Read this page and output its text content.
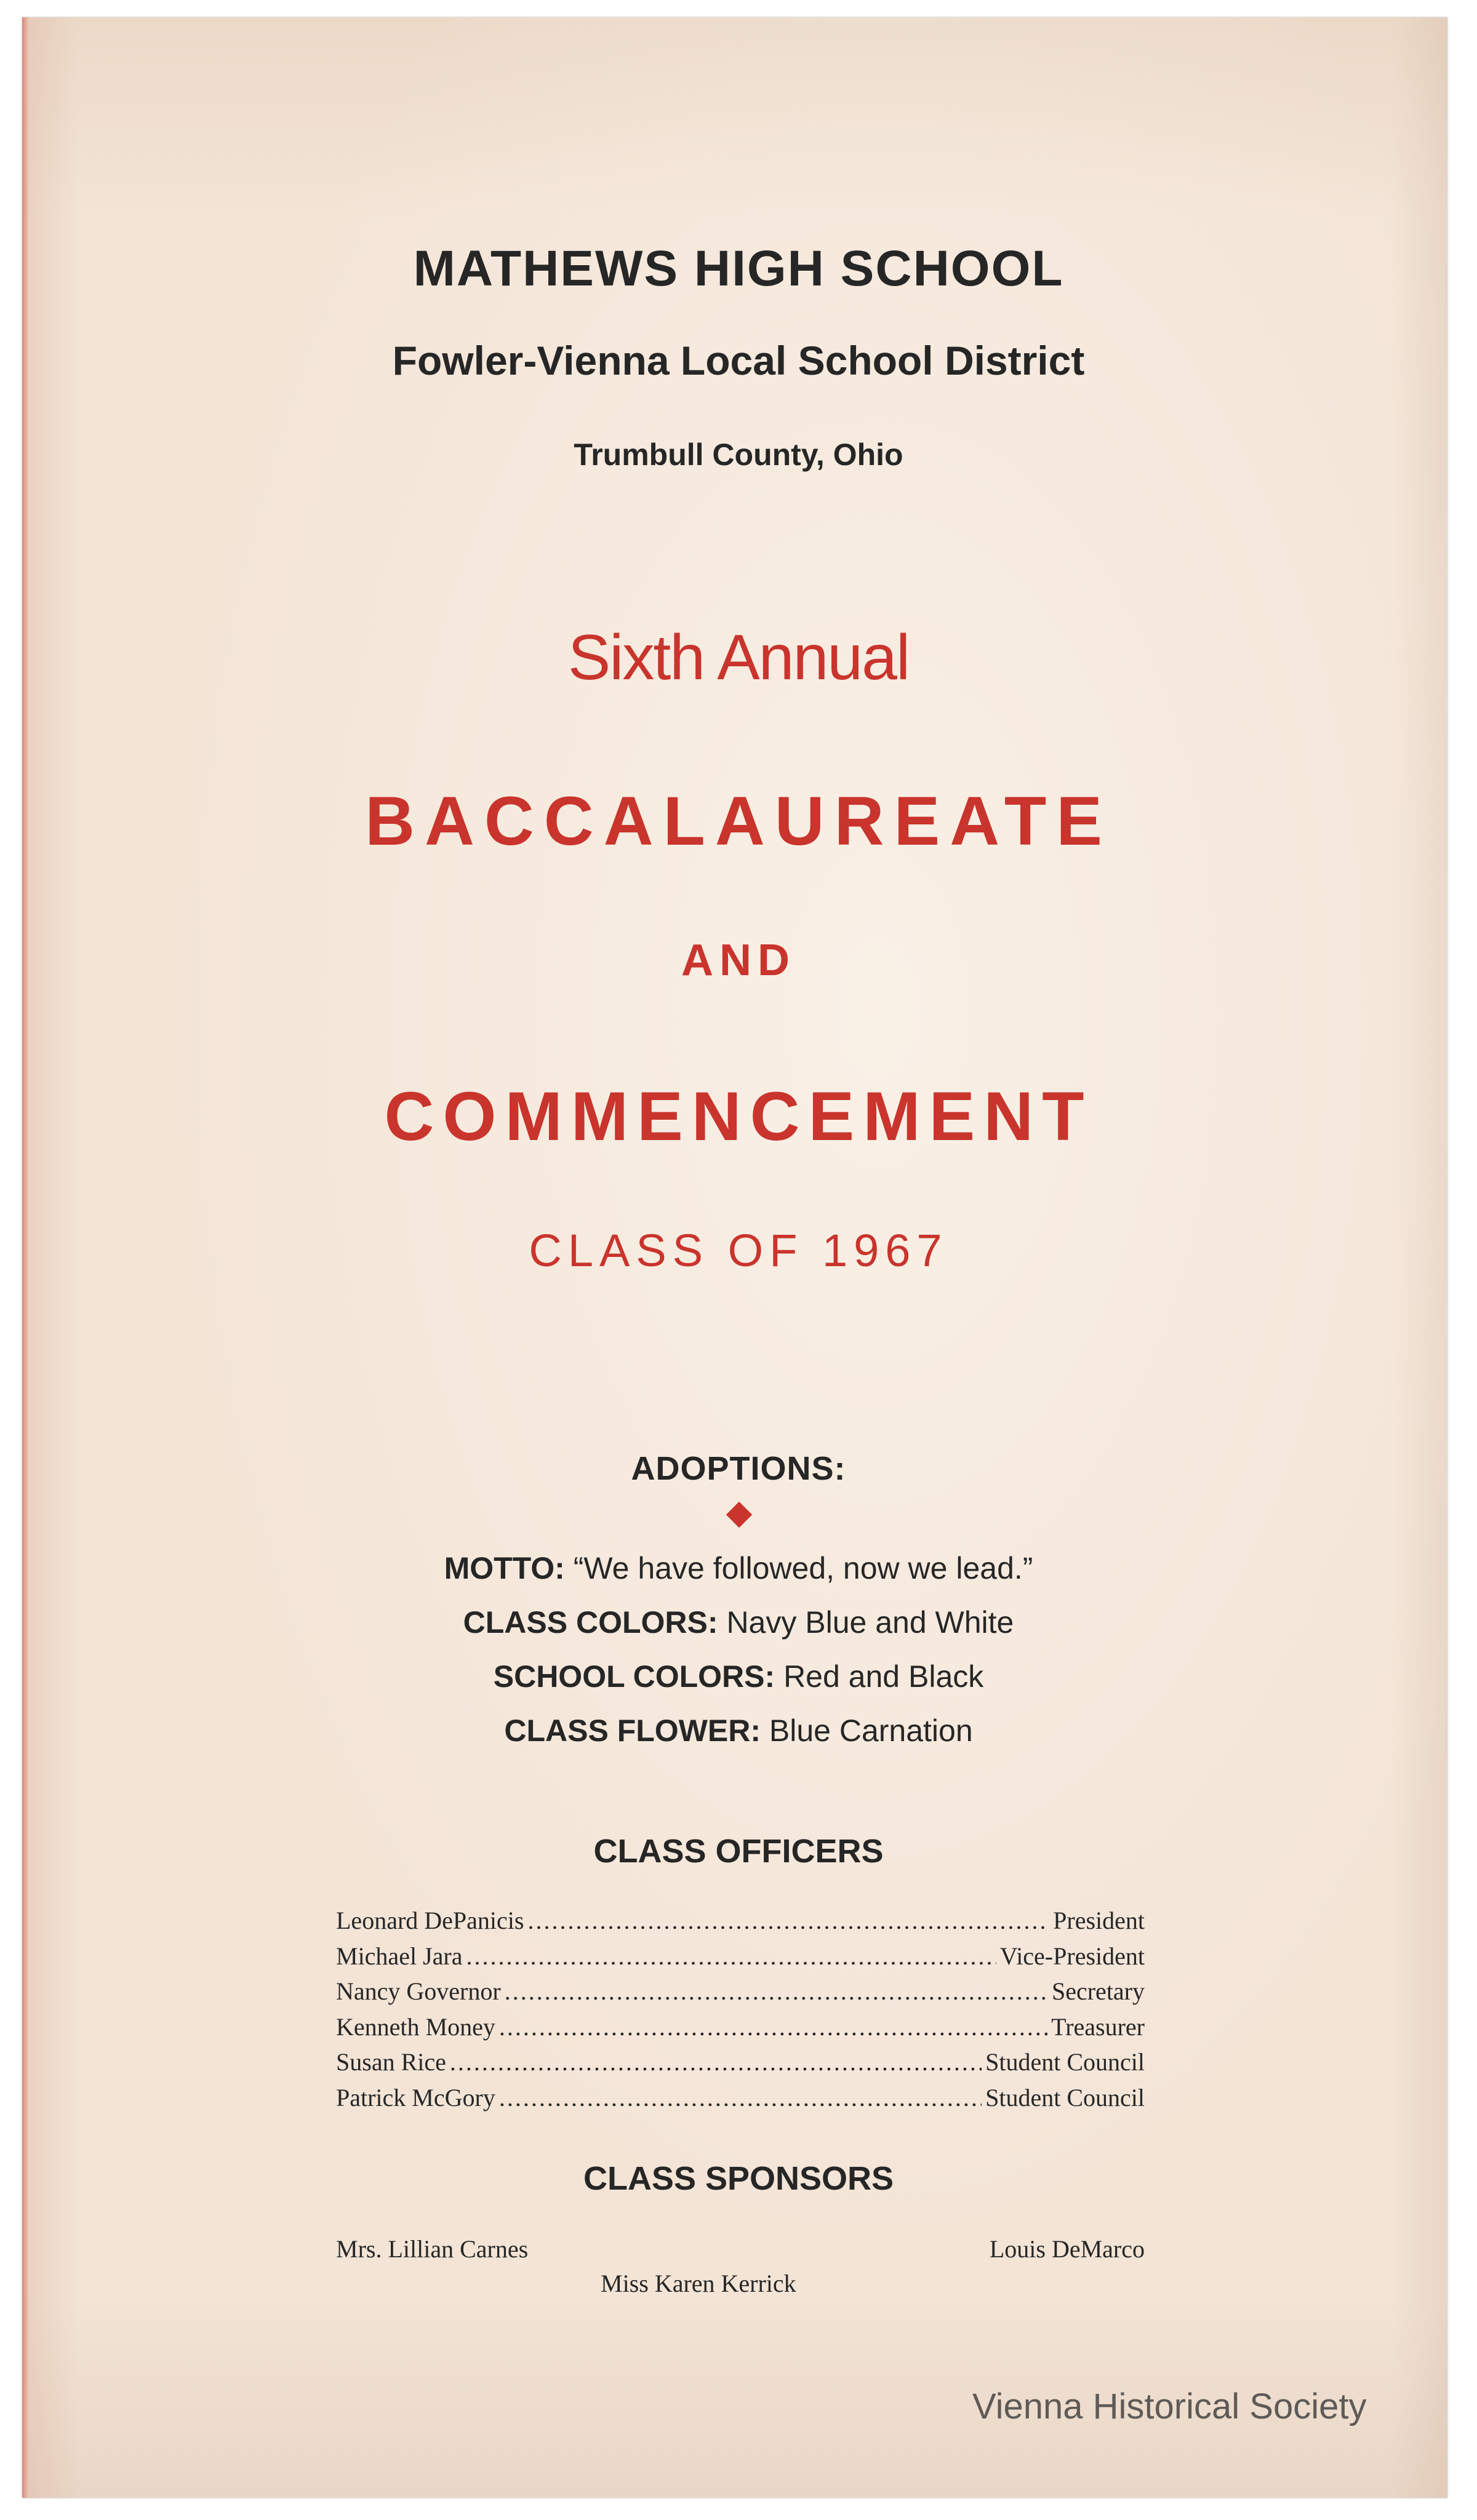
MATHEWS HIGH SCHOOL
Fowler-Vienna Local School District
Trumbull County, Ohio
Sixth Annual
BACCALAUREATE
AND
COMMENCEMENT
CLASS OF 1967
ADOPTIONS:
MOTTO: “We have followed, now we lead.”
CLASS COLORS: Navy Blue and White
SCHOOL COLORS: Red and Black
CLASS FLOWER: Blue Carnation
CLASS OFFICERS
Leonard DePanicis .....	President
Michael Jara .....	Vice-President
Nancy Governor .....	Secretary
Kenneth Money .....	Treasurer
Susan Rice .....	Student Council
Patrick McGory .....	Student Council
CLASS SPONSORS
Mrs. Lillian Carnes	Louis DeMarco
Miss Karen Kerrick
Vienna Historical Society
